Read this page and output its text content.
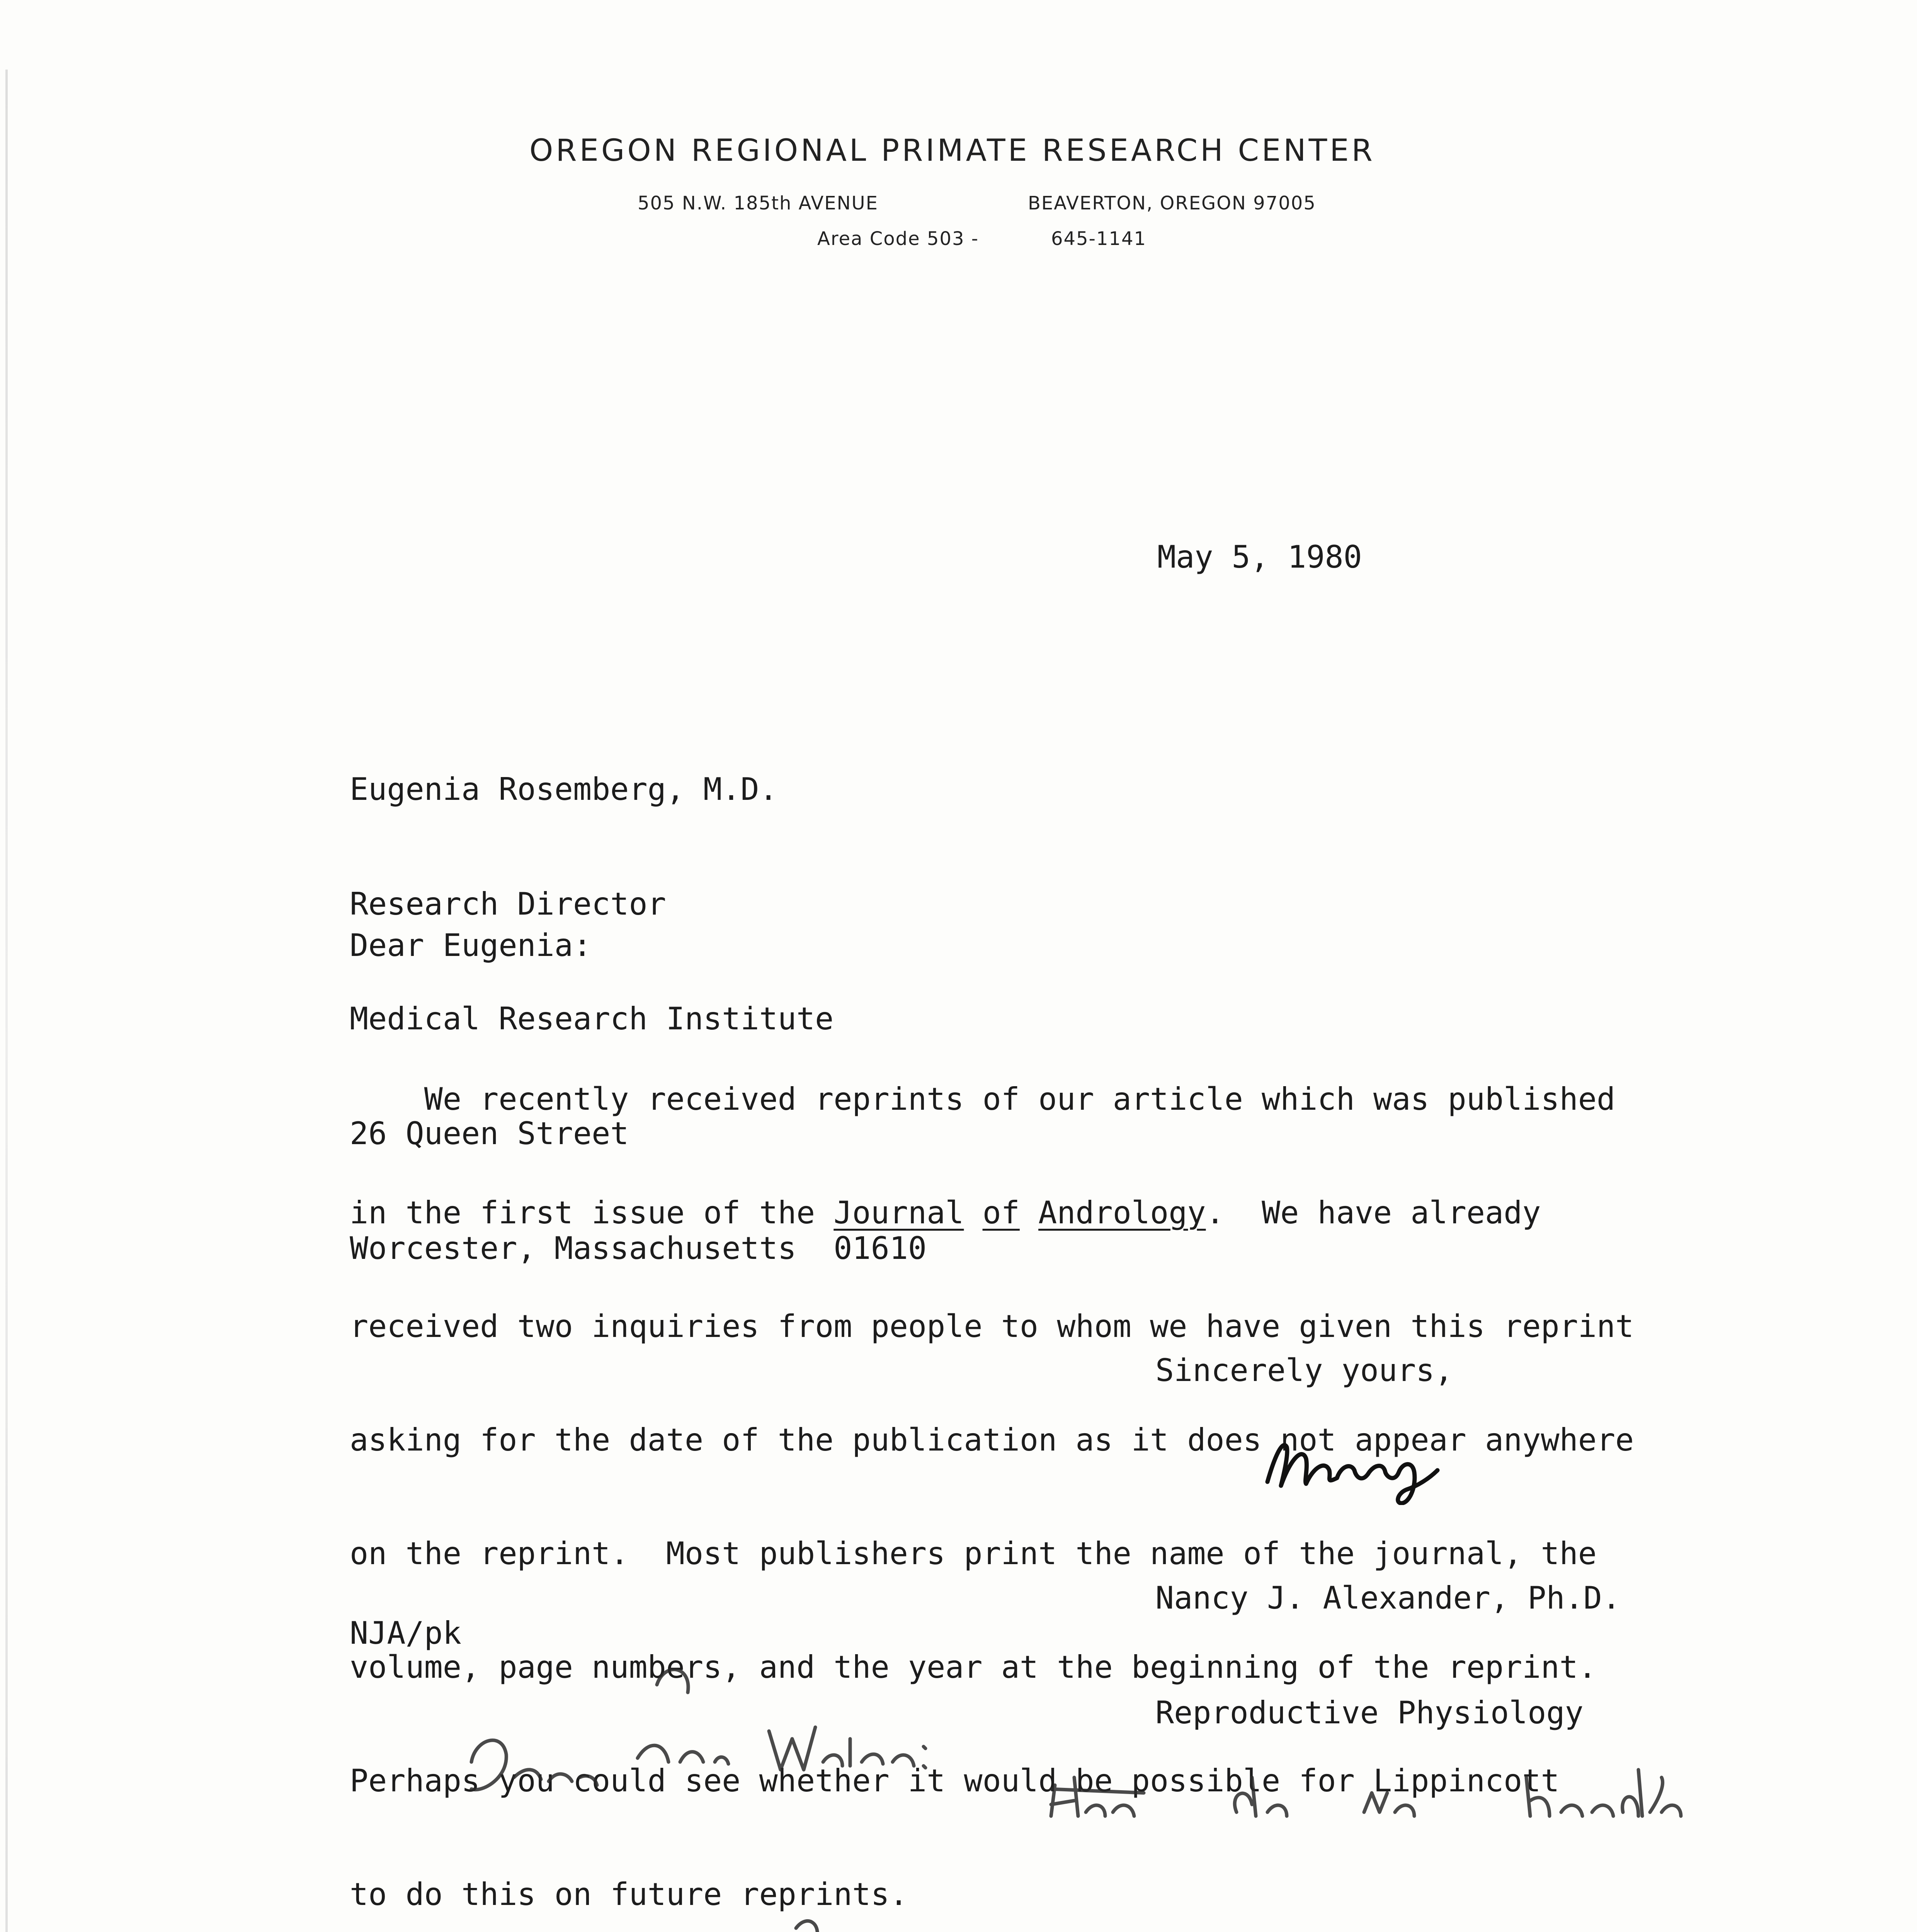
OREGON REGIONAL PRIMATE RESEARCH CENTER
505 N.W. 185th AVENUE	BEAVERTON, OREGON 97005
Area Code 503 -	645-1141
May 5, 1980

Eugenia Rosemberg, M.D.

Research Director

Medical Research Institute

26 Queen Street

Worcester, Massachusetts  01610

Dear Eugenia:

We recently received reprints of our article which was published

in the first issue of the Journal of Andrology.  We have already

received two inquiries from people to whom we have given this reprint

asking for the date of the publication as it does not appear anywhere

on the reprint.  Most publishers print the name of the journal, the

volume, page numbers, and the year at the beginning of the reprint.

Perhaps you could see whether it would be possible for Lippincott

to do this on future reprints.

Sincerely yours,

Nancy J. Alexander, Ph.D.

Reproductive Physiology

NJA/pk
